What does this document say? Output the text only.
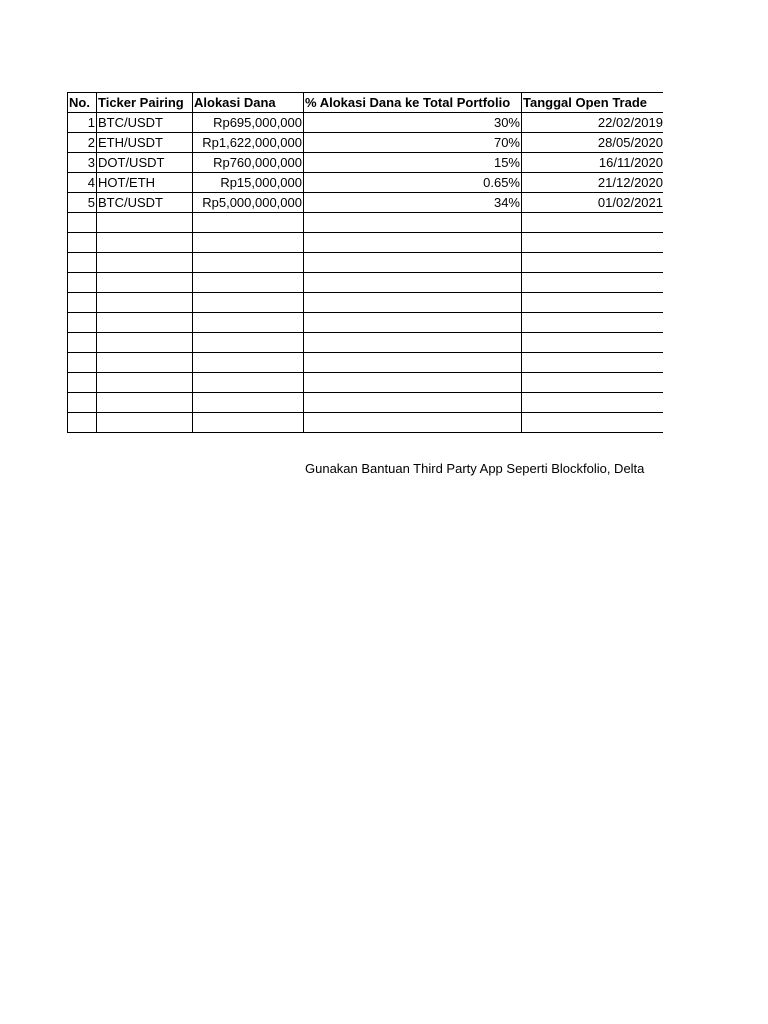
No.	Ticker Pairing	Alokasi Dana	% Alokasi Dana ke Total Portfolio	Tanggal Open Trade
1	BTC/USDT	Rp695,000,000	30%	22/02/2019
2	ETH/USDT	Rp1,622,000,000	70%	28/05/2020
3	DOT/USDT	Rp760,000,000	15%	16/11/2020
4	HOT/ETH	Rp15,000,000	0.65%	21/12/2020
5	BTC/USDT	Rp5,000,000,000	34%	01/02/2021

Gunakan Bantuan Third Party App Seperti Blockfolio, Delta
